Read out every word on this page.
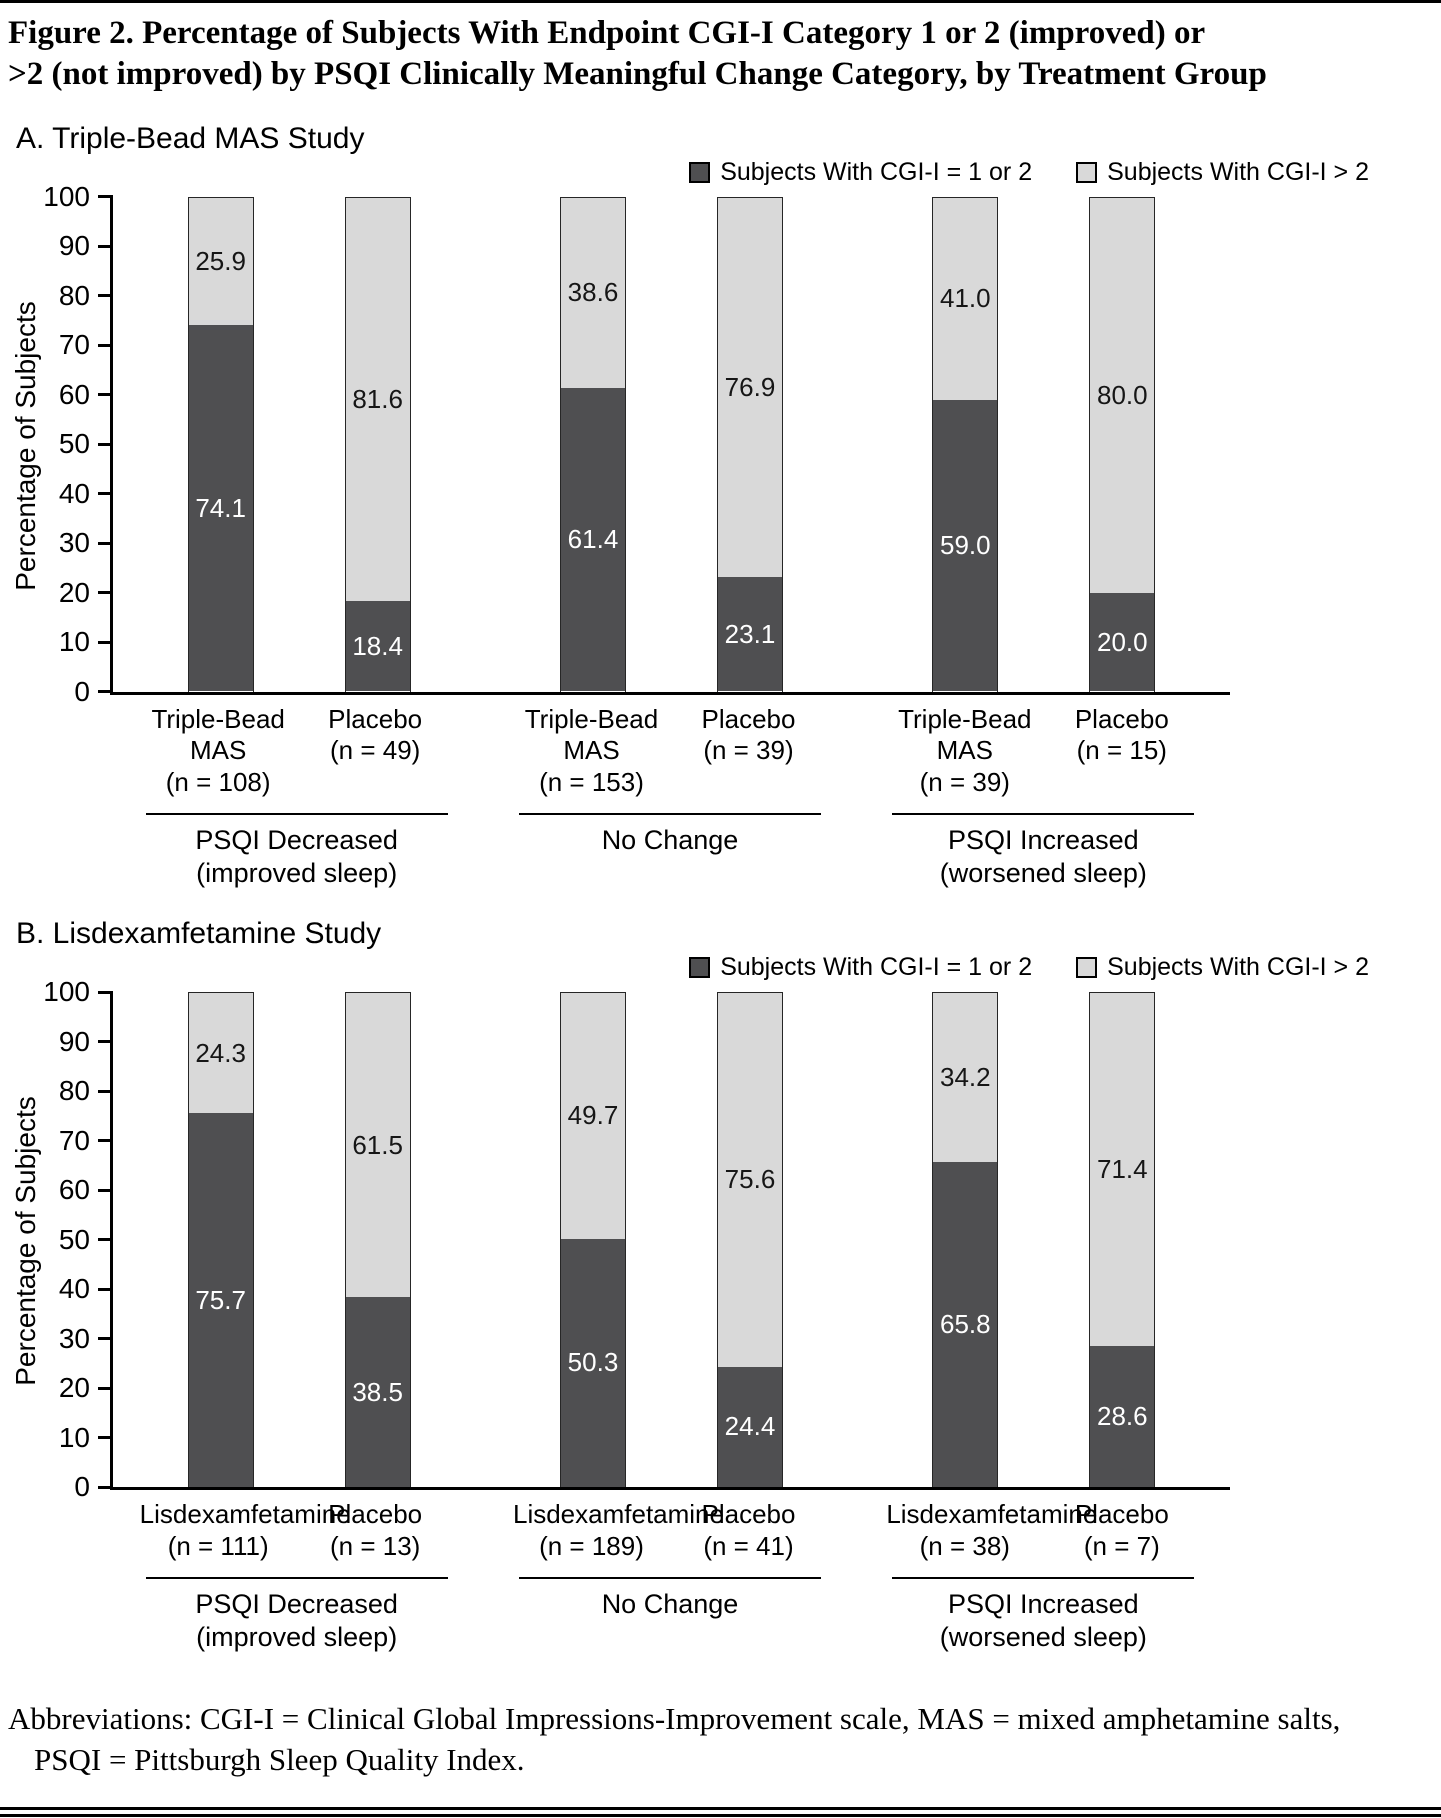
Figure 2. Percentage of Subjects With Endpoint CGI-I Category 1 or 2 (improved) or
>2 (not improved) by PSQI Clinically Meaningful Change Category, by Treatment Group
A. Triple-Bead MAS Study
Subjects With CGI-I = 1 or 2	Subjects With CGI-I > 2
Percentage of Subjects
0
10
20
30
40
50
60
70
80
90
100
25.9
74.1
81.6
18.4
38.6
61.4
76.9
23.1
41.0
59.0
80.0
20.0
Triple-Bead
MAS
(n = 108)
Placebo
(n = 49)
PSQI Decreased
(improved sleep)
Triple-Bead
MAS
(n = 153)
Placebo
(n = 39)
No Change
Triple-Bead
MAS
(n = 39)
Placebo
(n = 15)
PSQI Increased
(worsened sleep)
B. Lisdexamfetamine Study
Subjects With CGI-I = 1 or 2	Subjects With CGI-I > 2
Percentage of Subjects
0
10
20
30
40
50
60
70
80
90
100
24.3
75.7
61.5
38.5
49.7
50.3
75.6
24.4
34.2
65.8
71.4
28.6
Lisdexamfetamine
(n = 111)
Placebo
(n = 13)
PSQI Decreased
(improved sleep)
Lisdexamfetamine
(n = 189)
Placebo
(n = 41)
No Change
Lisdexamfetamine
(n = 38)
Placebo
(n = 7)
PSQI Increased
(worsened sleep)

Abbreviations: CGI-I = Clinical Global Impressions-Improvement scale, MAS = mixed amphetamine salts,
PSQI = Pittsburgh Sleep Quality Index.
